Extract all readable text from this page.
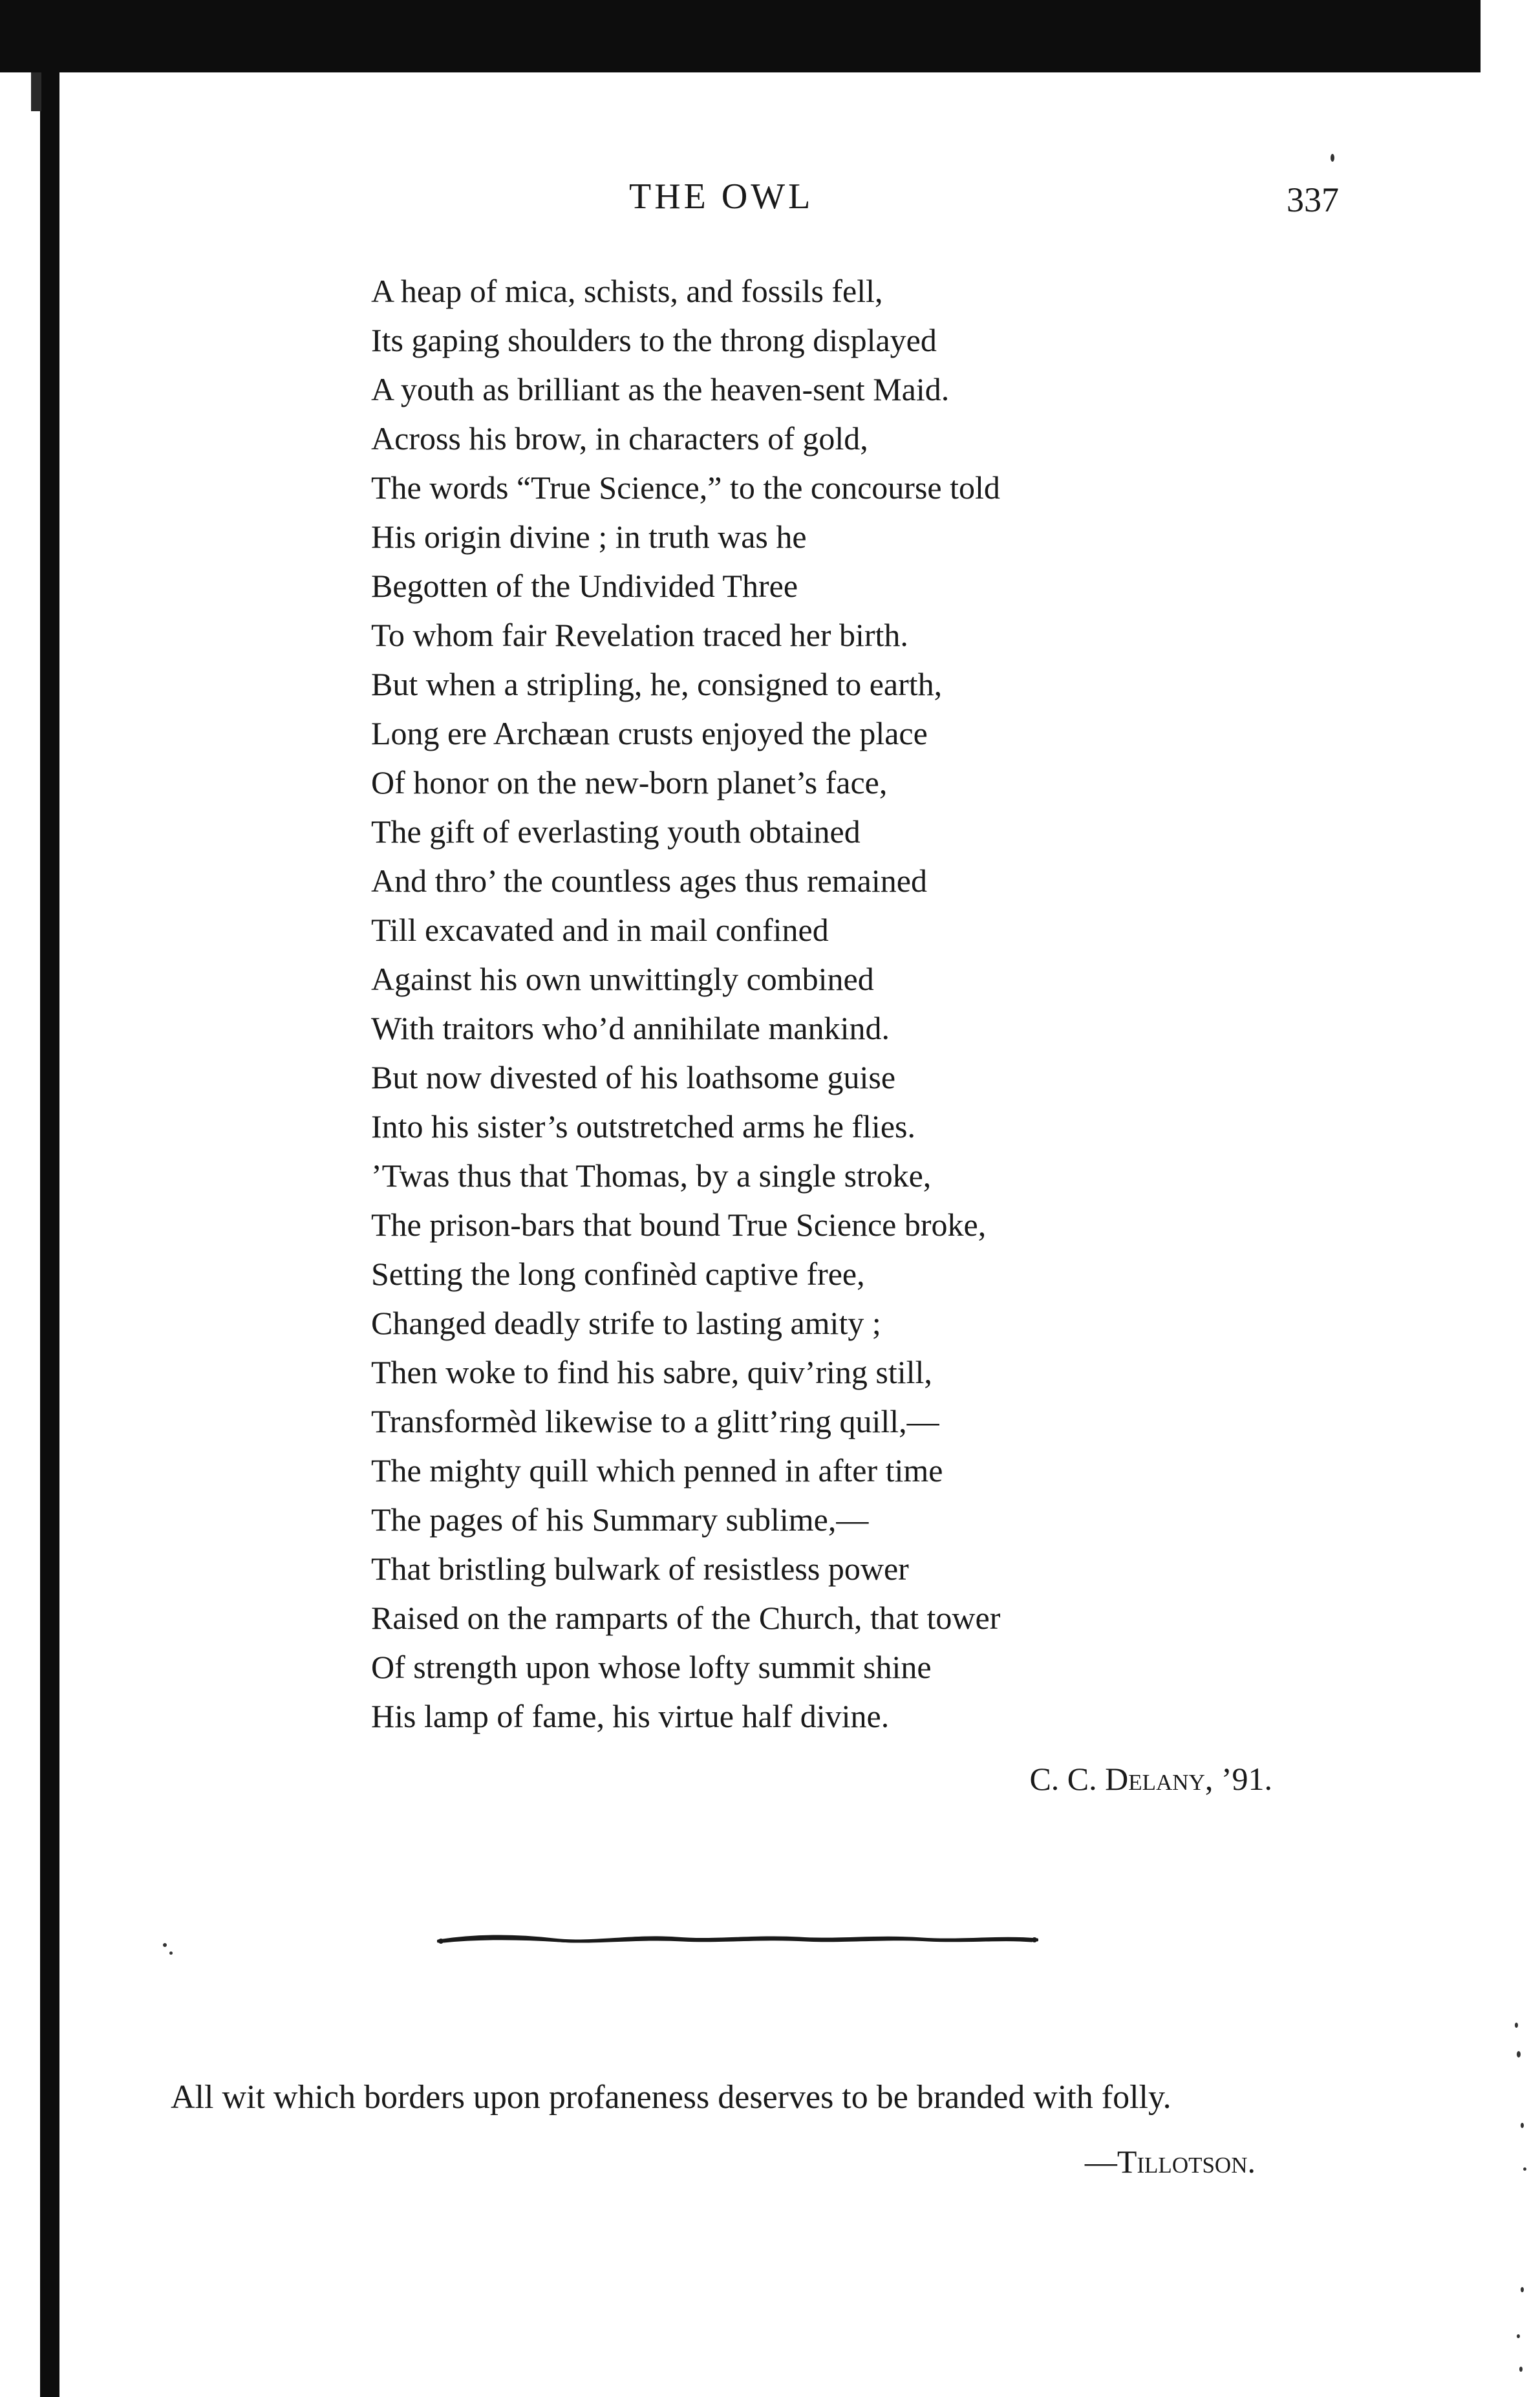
THE OWL	337
A heap of mica, schists, and fossils fell,
Its gaping shoulders to the throng displayed
A youth as brilliant as the heaven-sent Maid.
Across his brow, in characters of gold,
The words “True Science,” to the concourse told
His origin divine ; in truth was he
Begotten of the Undivided Three
To whom fair Revelation traced her birth.
But when a stripling, he, consigned to earth,
Long ere Archæan crusts enjoyed the place
Of honor on the new-born planet’s face,
The gift of everlasting youth obtained
And thro’ the countless ages thus remained
Till excavated and in mail confined
Against his own unwittingly combined
With traitors who’d annihilate mankind.
But now divested of his loathsome guise
Into his sister’s outstretched arms he flies.
’Twas thus that Thomas, by a single stroke,
The prison-bars that bound True Science broke,
Setting the long confinèd captive free,
Changed deadly strife to lasting amity ;
Then woke to find his sabre, quiv’ring still,
Transformèd likewise to a glitt’ring quill,—
The mighty quill which penned in after time
The pages of his Summary sublime,—
That bristling bulwark of resistless power
Raised on the ramparts of the Church, that tower
Of strength upon whose lofty summit shine
His lamp of fame, his virtue half divine.
C. C. Delany, ’91.
All wit which borders upon profaneness deserves to be branded with folly.
—Tillotson.
